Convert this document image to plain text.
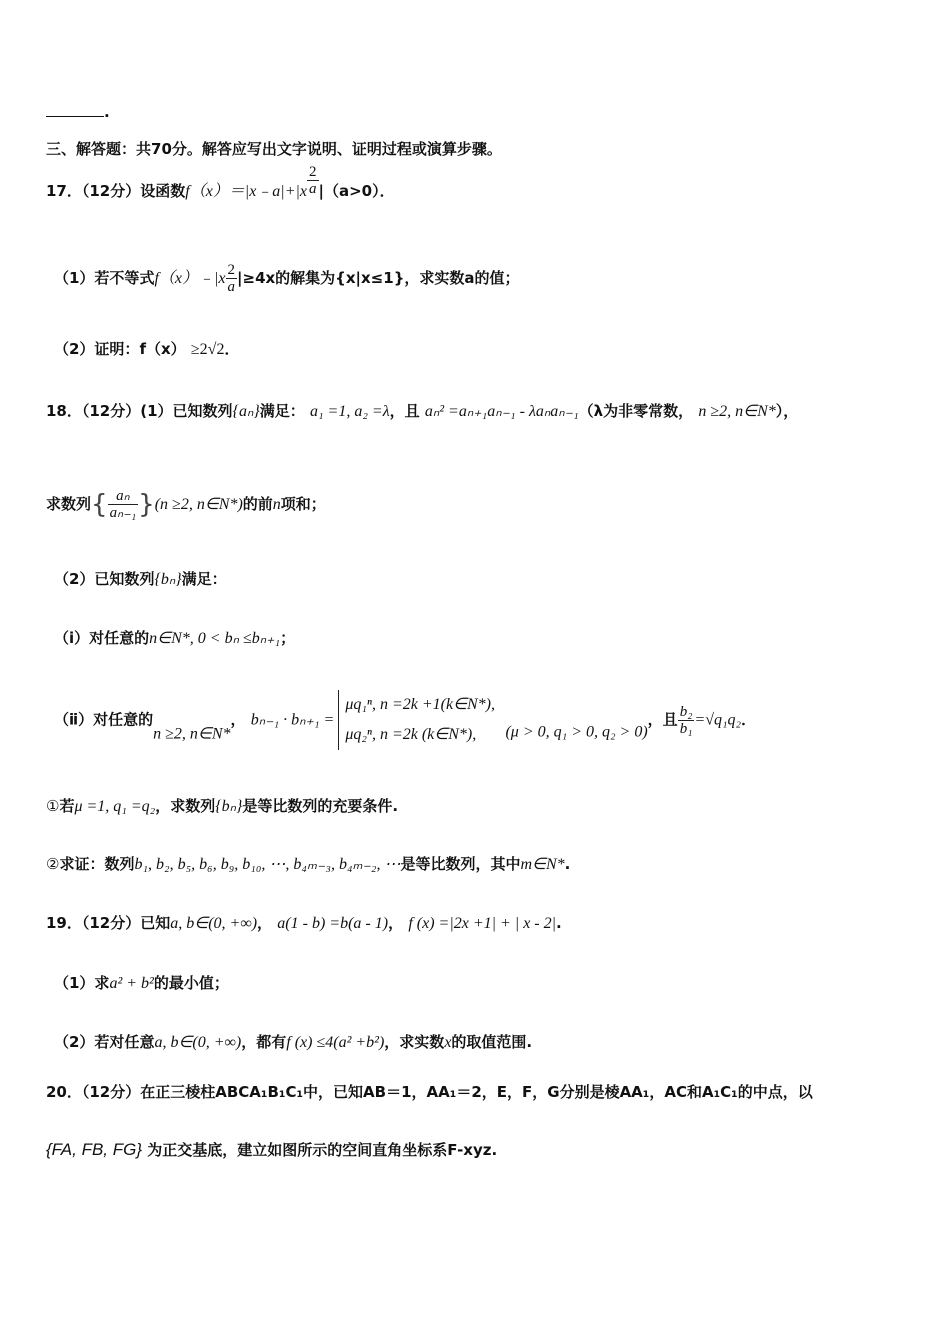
.
三、解答题：共70分。解答应写出文字说明、证明过程或演算步骤。
17．（12分）设函数f（x）＝|x﹣a|+|x $\frac{2}{a} |(a>0)$．
（1）若不等式f（x）﹣|x $\frac{2}{a} |\ge 4x$的解集为{x|x≤1}，求实数a的值；
（2）证明：f（x） ≥2√2．
18．（12分）(1）已知数列{aₙ}满足： a₁ =1, a₂ =λ，且 aₙ² =aₙ₊₁aₙ₋₁ - λaₙaₙ₋₁（λ为非零常数， n ≥2, n∈N*），
求数列{ $\frac{\text{aₙ}}{\text{aₙ₋₁}} \}(n \ge 2$, n∈N*)的前n项和；
（2）已知数列{bₙ}满足：
（ⅰ）对任意的n∈N*, 0 < bₙ ≤bₙ₊₁；
（ⅱ）对任意的n ≥2, n∈N*， bₙ₋₁ · bₙ₊₁ =
μq₁ⁿ, n =2k +1(k∈N*),
μq₂ⁿ, n =2k (k∈N*),	(μ > 0, q₁ > 0, q₂ > 0)，且 $\frac{\text{b₂}}{\text{b₁}} =√q_1q_2$．
①若μ =1, q₁ =q₂，求数列{bₙ}是等比数列的充要条件.
②求证：数列b₁, b₂, b₅, b₆, b₉, b₁₀, ⋯, b₄ₘ₋₃, b₄ₘ₋₂, ⋯是等比数列，其中m∈N*.
19．（12分）已知a, b∈(0, +∞)， a(1 - b) =b(a - 1)， f (x) =|2x +1| + | x - 2|.
（1）求a² + b²的最小值；
（2）若对任意a, b∈(0, +∞)，都有f (x) ≤4(a² +b²)，求实数x的取值范围.
20．（12分）在正三棱柱ABCA₁B₁C₁中，已知AB＝1，AA₁＝2，E，F，G分别是棱AA₁，AC和A₁C₁的中点，以
{FA, FB, FG} 为正交基底，建立如图所示的空间直角坐标系F-xyz.
